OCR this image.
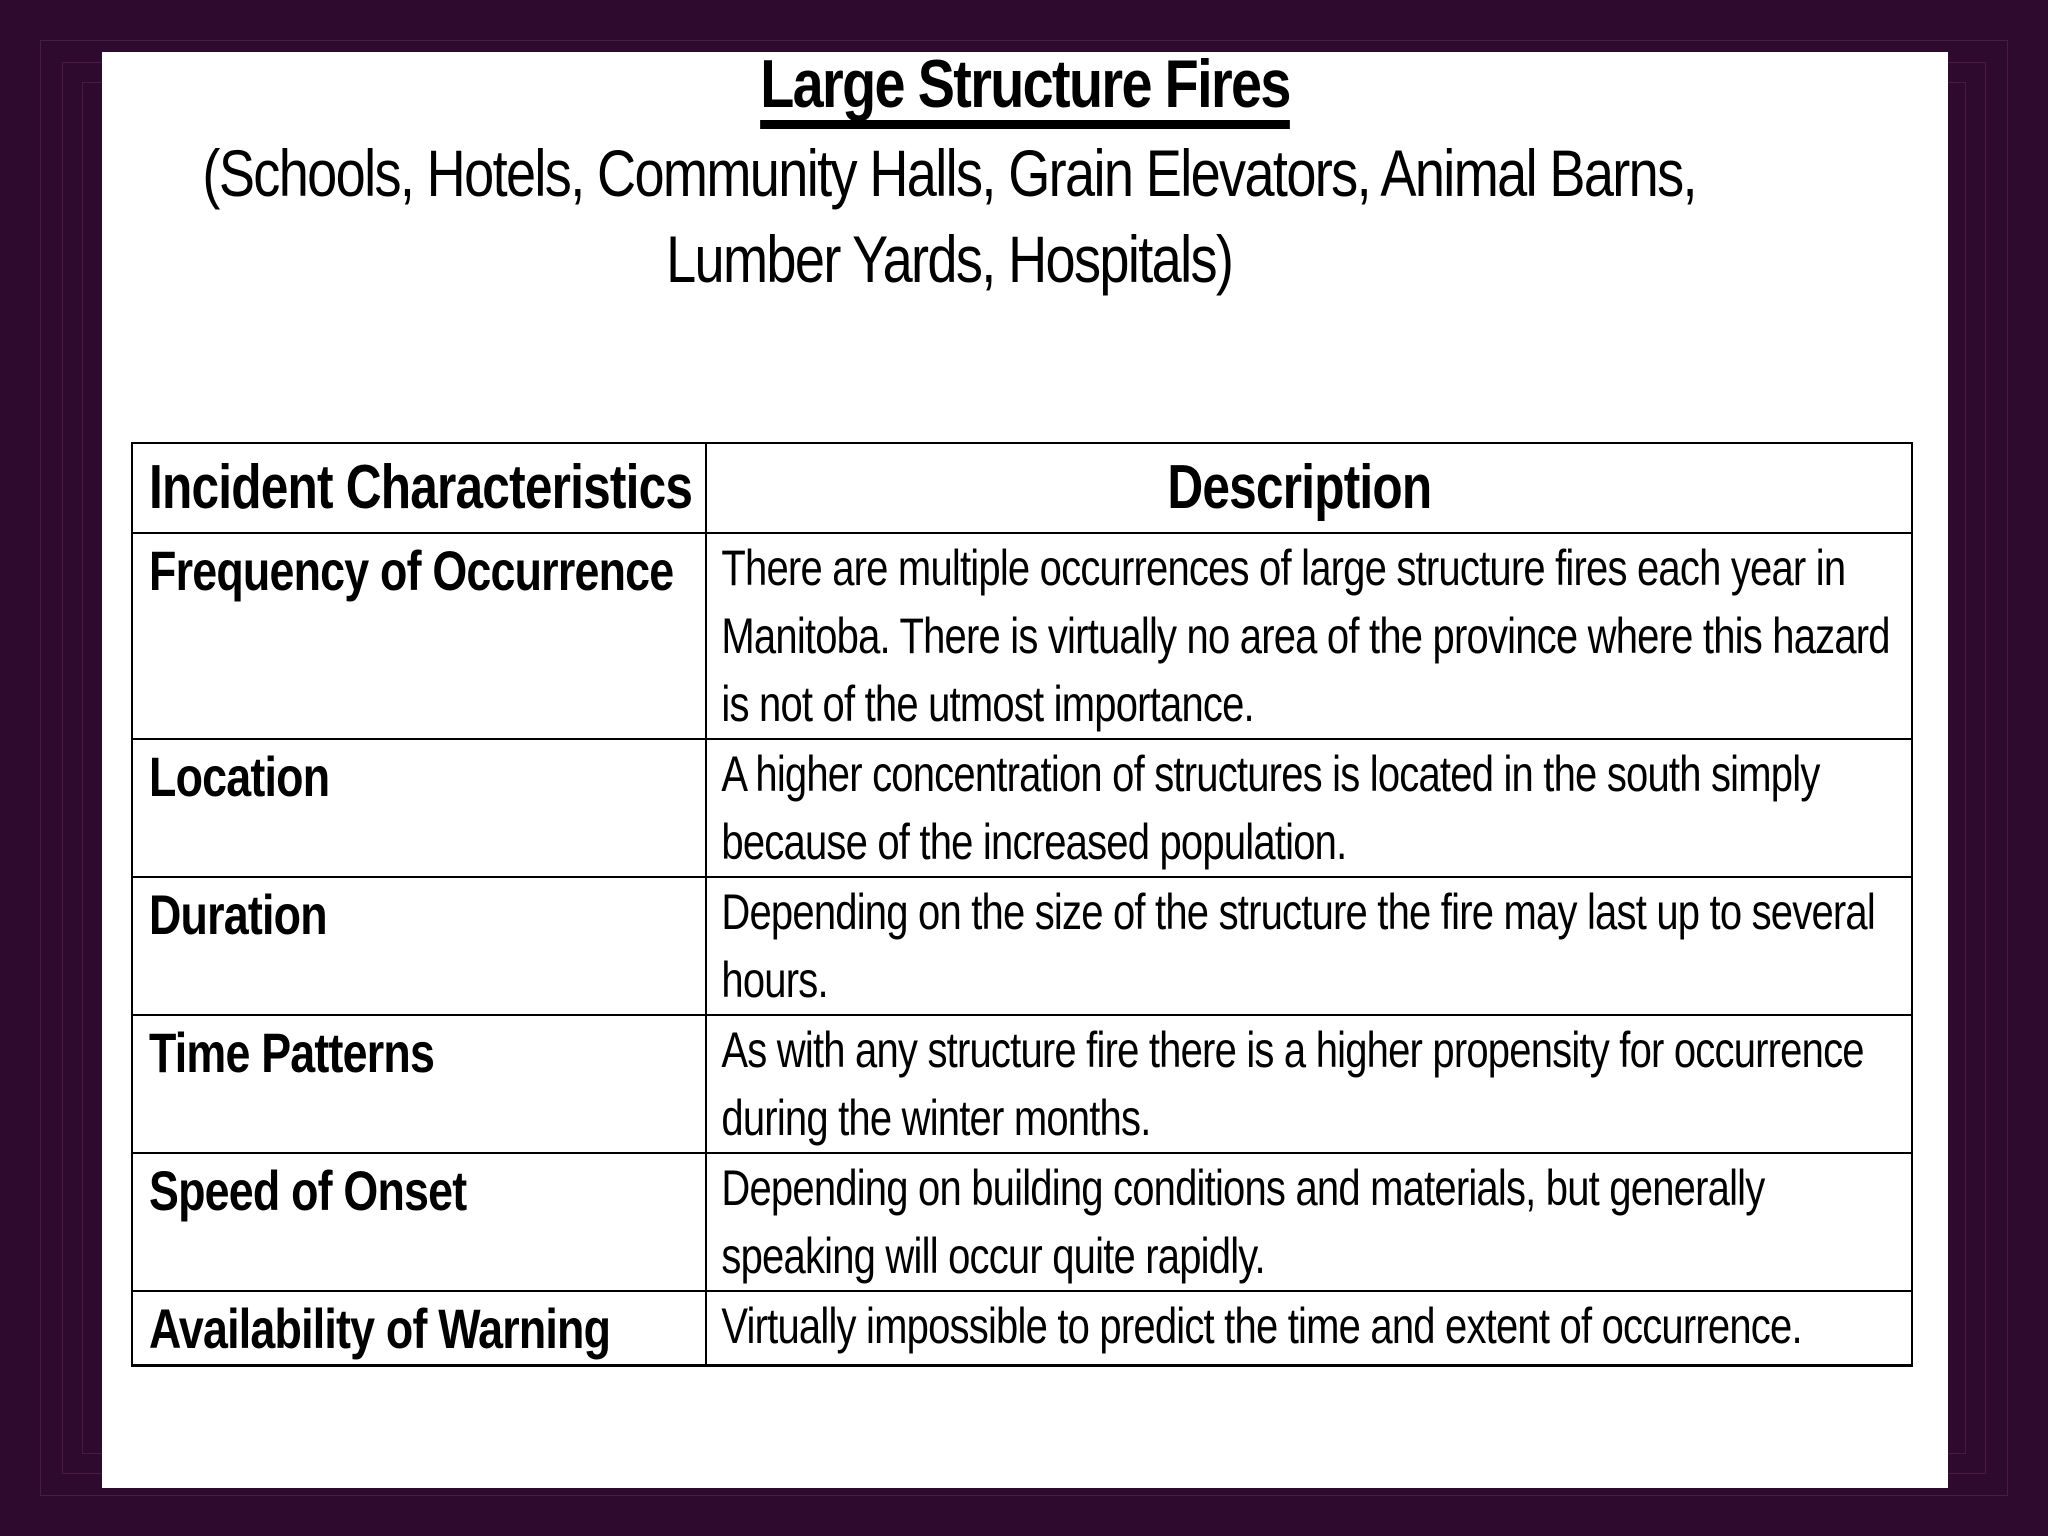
Large Structure Fires
(Schools, Hotels, Community Halls, Grain Elevators, Animal Barns, Lumber Yards, Hospitals)
Incident Characteristics	Description

Frequency of Occurrence	There are multiple occurrences of large structure fires each year in Manitoba. There is virtually no area of the province where this hazard is not of the utmost importance.

Location	A higher concentration of structures is located in the south simply because of the increased population.

Duration	Depending on the size of the structure the fire may last up to several hours.

Time Patterns	As with any structure fire there is a higher propensity for occurrence during the winter months.

Speed of Onset	Depending on building conditions and materials, but generally speaking will occur quite rapidly.

Availability of Warning	Virtually impossible to predict the time and extent of occurrence.
